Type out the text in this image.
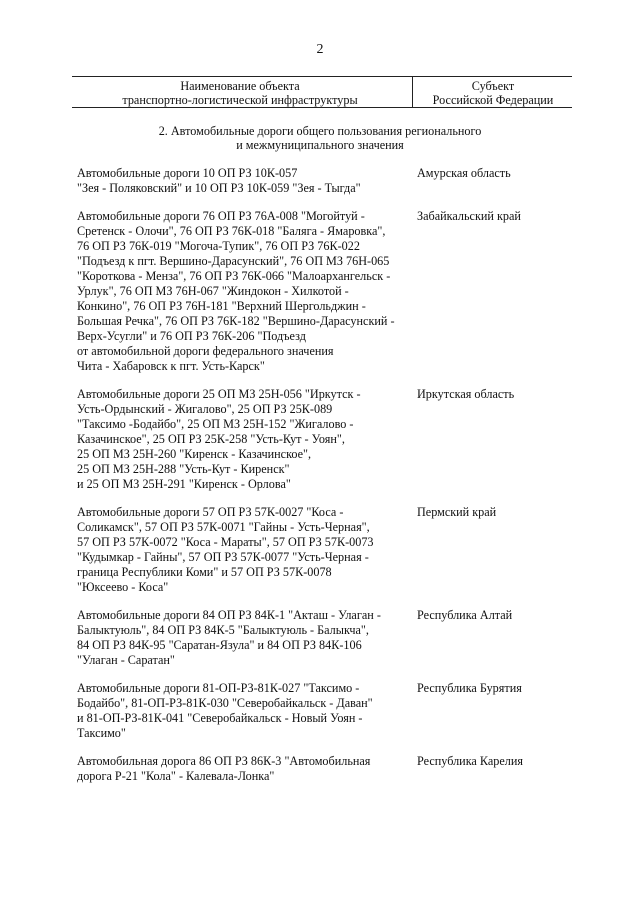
2
Наименование объекта
транспортно-логистической инфраструктуры
Субъект
Российской Федерации
2. Автомобильные дороги общего пользования регионального
и межмуниципального значения
Автомобильные дороги 10 ОП РЗ 10К-057
"Зея - Поляковский" и 10 ОП РЗ 10К-059 "Зея - Тыгда"
Амурская область
Автомобильные дороги 76 ОП РЗ 76А-008 "Могойтуй -
Сретенск - Олочи", 76 ОП РЗ 76К-018 "Баляга - Ямаровка",
76 ОП РЗ 76К-019 "Могоча-Тупик", 76 ОП РЗ 76К-022
"Подъезд к пгт. Вершино-Дарасунский", 76 ОП МЗ 76Н-065
"Короткова - Менза", 76 ОП РЗ 76К-066 "Малоархангельск -
Урлук", 76 ОП МЗ 76Н-067 "Жиндокон - Хилкотой -
Конкино", 76 ОП РЗ 76Н-181 "Верхний Шергольджин -
Большая Речка", 76 ОП РЗ 76К-182 "Вершино-Дарасунский -
Верх-Усугли" и 76 ОП РЗ 76К-206 "Подъезд
от автомобильной дороги федерального значения
Чита - Хабаровск к пгт. Усть-Карск"
Забайкальский край
Автомобильные дороги 25 ОП МЗ 25Н-056 "Иркутск -
Усть-Ордынский - Жигалово", 25 ОП РЗ 25К-089
"Таксимо -Бодайбо", 25 ОП МЗ 25Н-152 "Жигалово -
Казачинское", 25 ОП РЗ 25К-258 "Усть-Кут - Уоян",
25 ОП МЗ 25Н-260 "Киренск - Казачинское",
25 ОП МЗ 25Н-288 "Усть-Кут - Киренск"
и 25 ОП МЗ 25Н-291 "Киренск - Орлова"
Иркутская область
Автомобильные дороги 57 ОП РЗ 57К-0027 "Коса -
Соликамск", 57 ОП РЗ 57К-0071 "Гайны - Усть-Черная",
57 ОП РЗ 57К-0072 "Коса - Мараты", 57 ОП РЗ 57К-0073
"Кудымкар - Гайны", 57 ОП РЗ 57К-0077 "Усть-Черная -
граница Республики Коми" и 57 ОП РЗ 57К-0078
"Юксеево - Коса"
Пермский край
Автомобильные дороги 84 ОП РЗ 84К-1 "Акташ - Улаган -
Балыктуюль", 84 ОП РЗ 84К-5 "Балыктуюль - Балыкча",
84 ОП РЗ 84К-95 "Саратан-Язула" и 84 ОП РЗ 84К-106
"Улаган - Саратан"
Республика Алтай
Автомобильные дороги 81-ОП-РЗ-81К-027 "Таксимо -
Бодайбо", 81-ОП-РЗ-81К-030 "Северобайкальск - Даван"
и 81-ОП-РЗ-81К-041 "Северобайкальск - Новый Уоян -
Таксимо"
Республика Бурятия
Автомобильная дорога 86 ОП РЗ 86К-3 "Автомобильная
дорога Р-21 "Кола" - Калевала-Лонка"
Республика Карелия
